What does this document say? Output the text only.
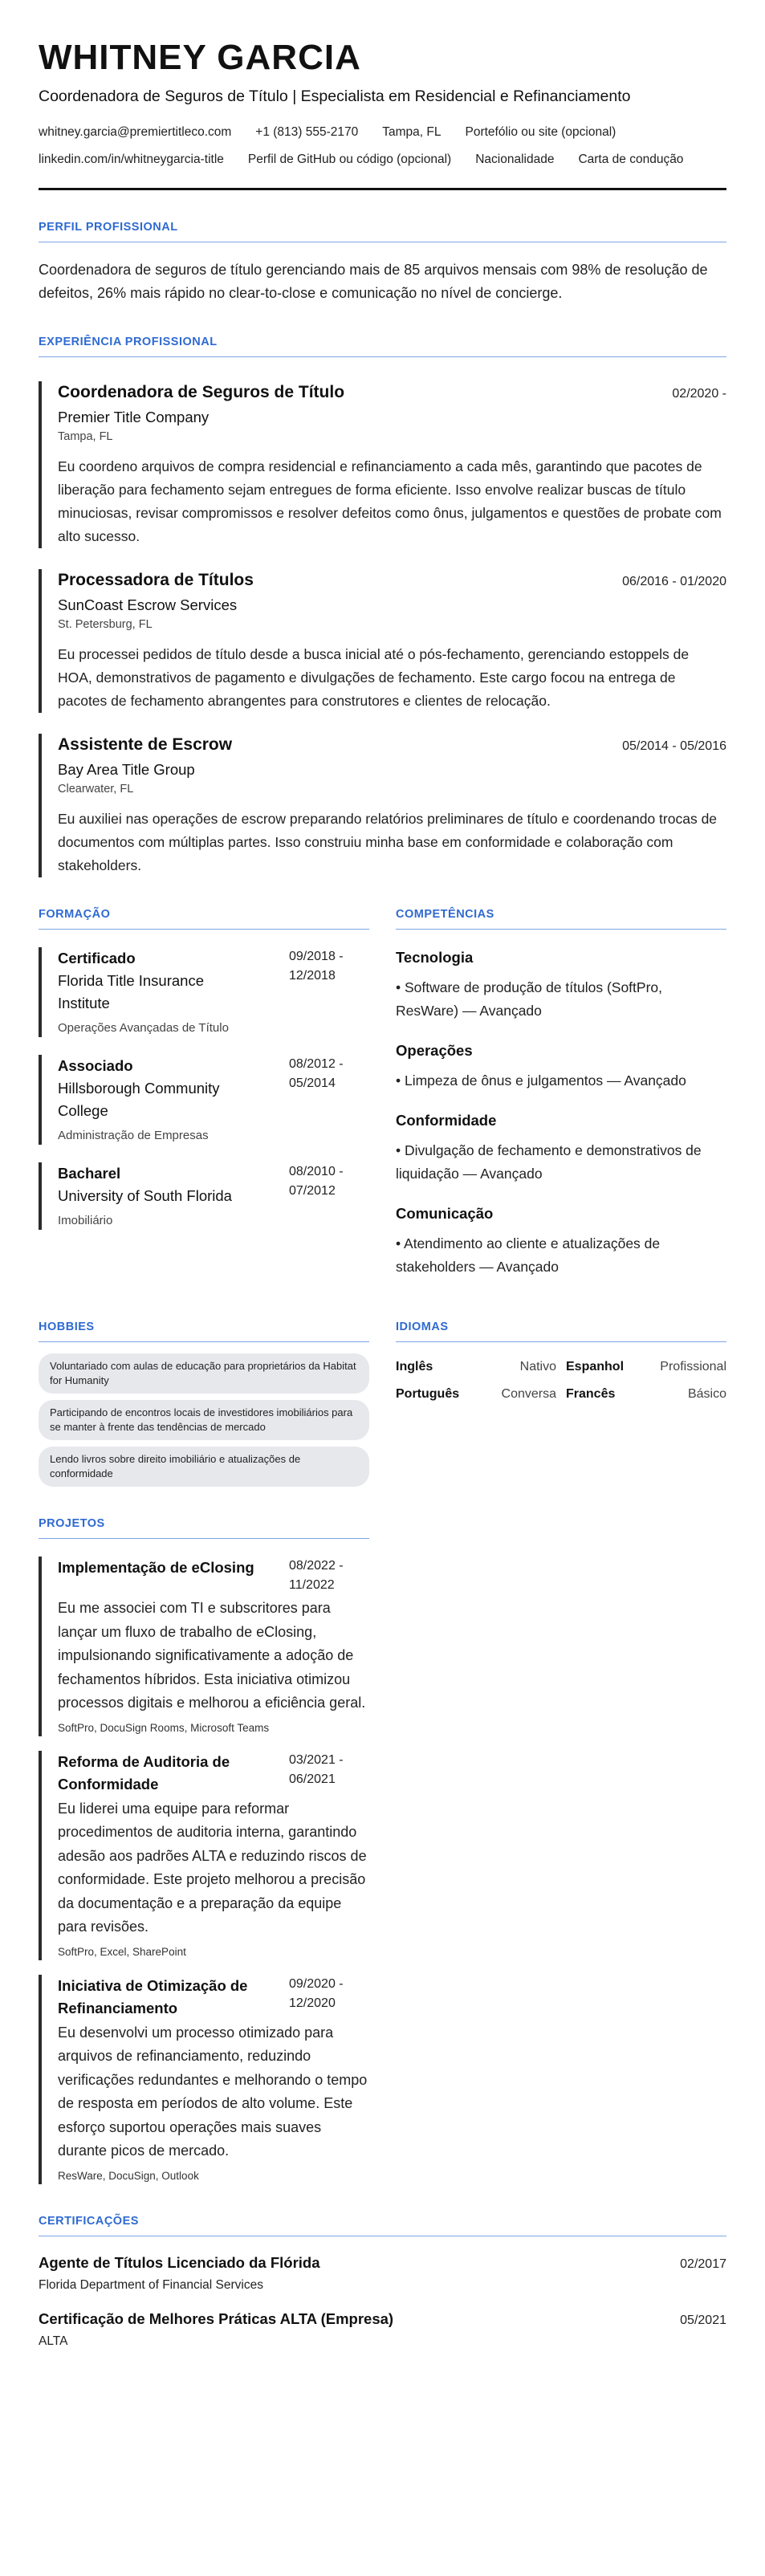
WHITNEY GARCIA
Coordenadora de Seguros de Título | Especialista em Residencial e Refinanciamento
whitney.garcia@premiertitleco.com +1 (813) 555-2170 Tampa, FL Portefólio ou site (opcional)
linkedin.com/in/whitneygarcia-title Perfil de GitHub ou código (opcional) Nacionalidade Carta de condução
PERFIL PROFISSIONAL

Coordenadora de seguros de título gerenciando mais de 85 arquivos mensais com 98% de resolução de defeitos, 26% mais rápido no clear-to-close e comunicação no nível de concierge.

EXPERIÊNCIA PROFISSIONAL
Coordenadora de Seguros de Título	02/2020 -
Premier Title Company
Tampa, FL

Eu coordeno arquivos de compra residencial e refinanciamento a cada mês, garantindo que pacotes de liberação para fechamento sejam entregues de forma eficiente. Isso envolve realizar buscas de título minuciosas, revisar compromissos e resolver defeitos como ônus, julgamentos e questões de probate com alto sucesso.

Processadora de Títulos	06/2016 - 01/2020
SunCoast Escrow Services
St. Petersburg, FL

Eu processei pedidos de título desde a busca inicial até o pós-fechamento, gerenciando estoppels de HOA, demonstrativos de pagamento e divulgações de fechamento. Este cargo focou na entrega de pacotes de fechamento abrangentes para construtores e clientes de relocação.

Assistente de Escrow	05/2014 - 05/2016
Bay Area Title Group
Clearwater, FL

Eu auxiliei nas operações de escrow preparando relatórios preliminares de título e coordenando trocas de documentos com múltiplas partes. Isso construiu minha base em conformidade e colaboração com stakeholders.

FORMAÇÃO
Certificado
Florida Title Insurance Institute
Operações Avançadas de Título
09/2018 - 12/2018
Associado
Hillsborough Community College
Administração de Empresas
08/2012 - 05/2014
Bacharel
University of South Florida
Imobiliário
08/2010 - 07/2012
COMPETÊNCIAS
Tecnologia
• Software de produção de títulos (SoftPro, ResWare) — Avançado
Operações
• Limpeza de ônus e julgamentos — Avançado
Conformidade
• Divulgação de fechamento e demonstrativos de liquidação — Avançado
Comunicação
• Atendimento ao cliente e atualizações de stakeholders — Avançado
HOBBIES
Voluntariado com aulas de educação para proprietários da Habitat for Humanity
Participando de encontros locais de investidores imobiliários para se manter à frente das tendências de mercado
Lendo livros sobre direito imobiliário e atualizações de conformidade
IDIOMAS
Inglês	Nativo Espanhol	Profissional
Português	Conversa Francês	Básico
PROJETOS
Implementação de eClosing	08/2022 - 11/2022

Eu me associei com TI e subscritores para lançar um fluxo de trabalho de eClosing, impulsionando significativamente a adoção de fechamentos híbridos. Esta iniciativa otimizou processos digitais e melhorou a eficiência geral.

SoftPro, DocuSign Rooms, Microsoft Teams
Reforma de Auditoria de Conformidade
03/2021 - 06/2021

Eu liderei uma equipe para reformar procedimentos de auditoria interna, garantindo adesão aos padrões ALTA e reduzindo riscos de conformidade. Este projeto melhorou a precisão da documentação e a preparação da equipe para revisões.

SoftPro, Excel, SharePoint
Iniciativa de Otimização de Refinanciamento
09/2020 - 12/2020

Eu desenvolvi um processo otimizado para arquivos de refinanciamento, reduzindo verificações redundantes e melhorando o tempo de resposta em períodos de alto volume. Este esforço suportou operações mais suaves durante picos de mercado.

ResWare, DocuSign, Outlook
CERTIFICAÇÕES
Agente de Títulos Licenciado da Flórida	02/2017
Florida Department of Financial Services
Certificação de Melhores Práticas ALTA (Empresa)	05/2021
ALTA
